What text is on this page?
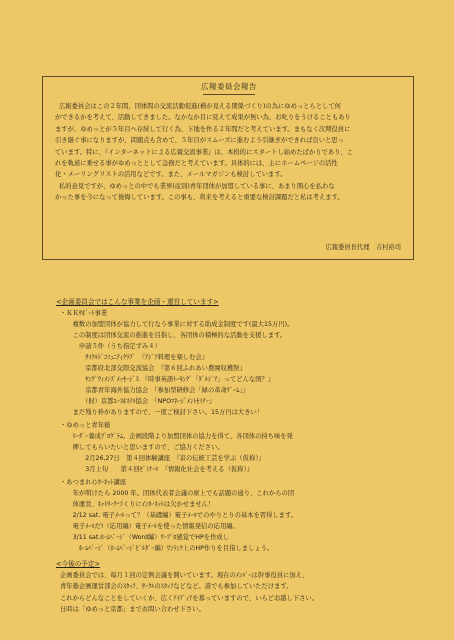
広報委員会報告
広報委員会はこの２年間、団体間の交流活動促進(横が見える関係づくり)の為にゆめっとらとして何
ができるかを考えて、活動してきました。なかなか目に見えて成果が無い為、お叱りをうけることもあり
ますが、ゆめっとが５年目へ存続して行く為、下地を作る２年間だと考えています。まもなく次期役員に
引き継ぐ事になりますが、問題点も含めて、５年目がスムーズに進むよう引継ぎができれば良いと思っ
ています。特に、『インターネットによる広報交流事業』は、本格的にスタートし始めたばかりであり、こ
れを軌道に乗せる事がゆめっととして急務だと考えています。具体的には、主にホームページの活性
化・メーリングリストの活用などです。また、メールマガジンも検討しています。
私的意見ですが、ゆめっとの中でも業界(産別)青年団体が加盟している事に、あまり関心を払わな
かった事を今になって後悔しています。この事も、将来を考えると重要な検討課題だと私は考えます。
広報委員長代理　吉村裕司
<企画委員会ではこんな事業を企画・運営しています>
・ＫＫｻﾎﾟｰﾄ事業
　　複数の加盟団体が協力して行なう事業に対する助成金制度です(最大15万円)。
　　この制度は団体交流の推進を目指し、各団体の積極的な活動を支援します。
　　　申請５件（うち指定ずみ４）
　　　　ｻｲｸﾙﾄﾞｺﾐｭﾆﾃｨｸﾗﾌﾞ　『ｱｼﾞｱ料理を楽しむ会』
　　　　京都府北部交際交流協会　『第６回ふれあい農園収穫祭』
　　　　ﾔﾝｸﾞｳｨﾒﾝｽﾞﾒｯｾｰｼﾞｽ　『時事英語ﾄｰｷﾝｸﾞ「ﾀﾞﾙｼﾞｱ」ってどんな国？』
　　　　京都青年海外協力協会　『参加型研修会「緑の革命ｹﾞｰﾑ」』
　　　　（財）京都ﾕｰｽﾎｽﾃﾙ協会　『NPOﾏﾈｰｼﾞﾒﾝﾄｾﾐﾅｰ』
　　まだ残り枠がありますので、一度ご検討下さい。15万円は大きい！
・ゆめっと青年塾
　　ﾘｰﾀﾞｰ養成ﾌﾟﾛｸﾞﾗﾑ。企画段階より加盟団体の協力を得て、各団体の持ち味を発
　　揮してもらいたいと思いますので、ご協力ください。
　　　　2月26,27日　第４回体験講座　『京の伝統工芸を学ぶ（仮称）』
　　　　3月上旬　　第４回ｾﾞﾐﾅｰﾙ　『情報化社会を考える（仮称）』
・あつまれｲﾝﾀｰﾈｯﾄ講座
　　年が明けたら 2000 年。団体代表者会議の席上でも話題の通り、これからの団
　　体運営、ﾈｯﾄﾜｰｸづくりにｲﾝﾀｰﾈｯﾄは欠かせません！
　　2/12 sat. 電子ﾒｰﾙって？（基礎編）電子ﾒｰﾙでのやりとりの基本を習得します。
　　電子ﾒｰﾙだ!（応用編）電子ﾒｰﾙを使った情報発信の応用編。
　　3/11 sat.ﾎｰﾑﾍﾟｰｼﾞ（Word編）ﾜｰﾌﾟﾛ感覚でHPを作成し
　　　ﾎｰﾑﾍﾟｰｼﾞ（ﾎｰﾑﾍﾟｰｼﾞﾋﾞﾙﾀﾞｰ編）ﾜﾝﾗﾝｸ上のHP作りを目指しましょう。
<今後の予定>
企画委員会では、毎月１回の定例会議を開いています。現在のﾒﾝﾊﾞｰは幹事役員に加え、
青年塾企画運営部会のｽﾀｯﾌ、ｻｰｸﾙのｽﾀｯﾌなどなど。誰でも参加していただけます。
これからどんなことをしていくか、広くｱｲﾃﾞｨｱを募っていますので、いらどお越し下さい。
日時は「ゆめっと京都」までお問い合わせ下さい。
